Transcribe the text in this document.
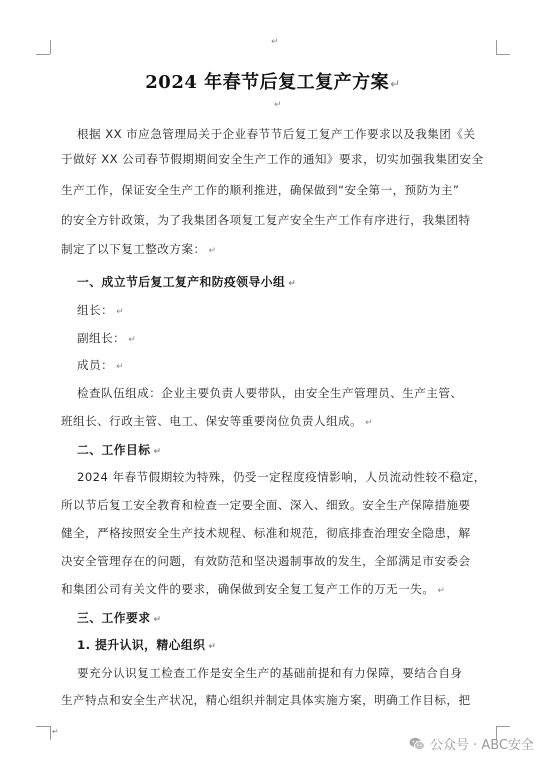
↵
2024 年春节后复工复产方案↵
↵
根据 XX 市应急管理局关于企业春节节后复工复产工作要求以及我集团《关
于做好 XX 公司春节假期期间安全生产工作的通知》要求，切实加强我集团安全
生产工作，保证安全生产工作的顺利推进，确保做到“安全第一，预防为主”
的安全方针政策，为了我集团各项复工复产安全生产工作有序进行，我集团特
制定了以下复工整改方案： ↵
一、成立节后复工复产和防疫领导小组 ↵
组长： ↵
副组长： ↵
成员： ↵
检查队伍组成：企业主要负责人要带队，由安全生产管理员、生产主管、
班组长、行政主管、电工、保安等重要岗位负责人组成。 ↵
二、工作目标 ↵
2024 年春节假期较为特殊，仍受一定程度疫情影响，人员流动性较不稳定，
所以节后复工安全教育和检查一定要全面、深入、细致。安全生产保障措施要
健全，严格按照安全生产技术规程、标准和规范，彻底排查治理安全隐患，解
决安全管理存在的问题，有效防范和坚决遏制事故的发生，全部满足市安委会
和集团公司有关文件的要求，确保做到安全复工复产工作的万无一失。 ↵
三、工作要求 ↵
1. 提升认识，精心组织 ↵
要充分认识复工检查工作是安全生产的基础前提和有力保障，要结合自身
生产特点和安全生产状况，精心组织并制定具体实施方案，明确工作目标，把
↵
公众号 · ABC安全
